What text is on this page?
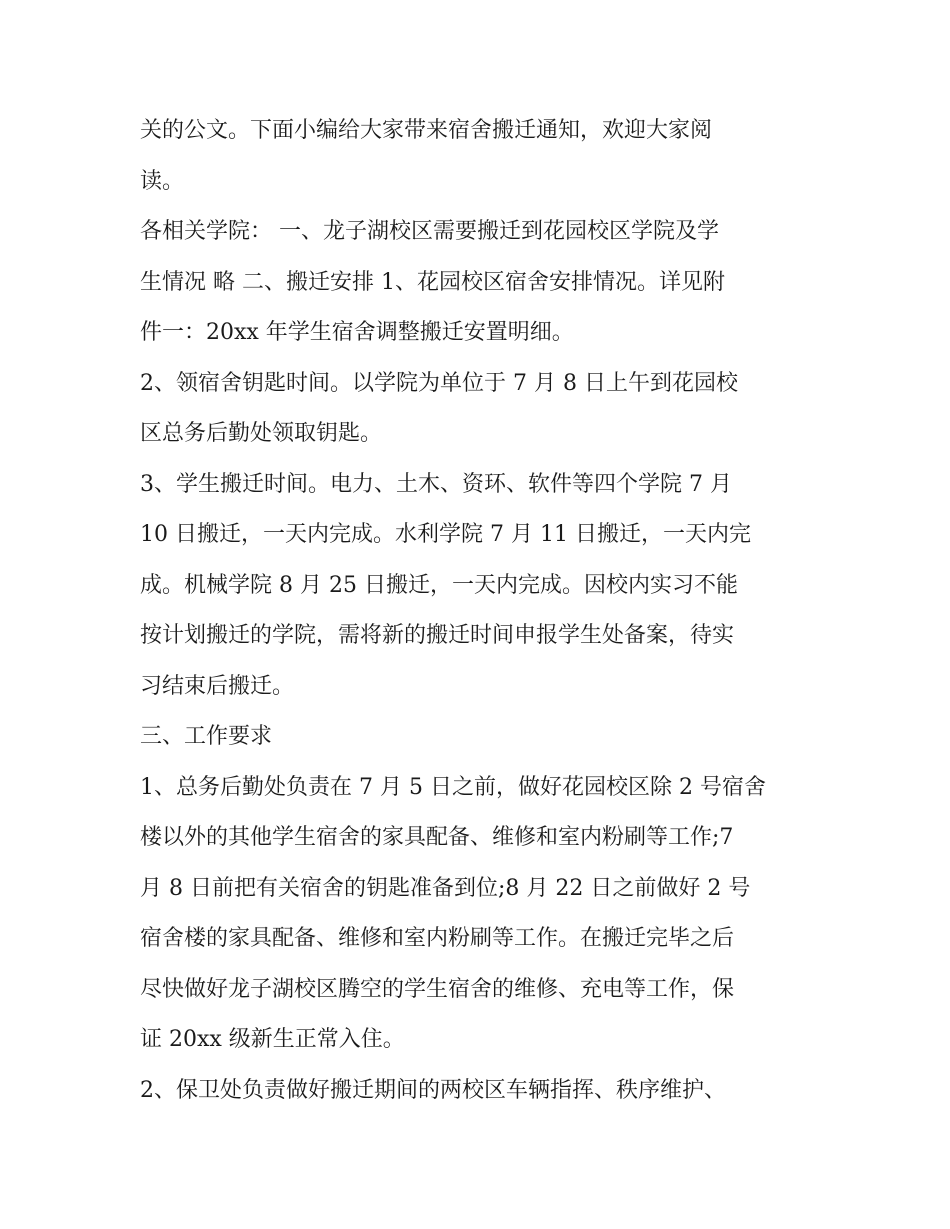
关的公文。下面小编给大家带来宿舍搬迁通知，欢迎大家阅
读。
各相关学院： 一、龙子湖校区需要搬迁到花园校区学院及学
生情况 略 二、搬迁安排 1、花园校区宿舍安排情况。详见附
件一：20xx 年学生宿舍调整搬迁安置明细。
2、领宿舍钥匙时间。以学院为单位于 7 月 8 日上午到花园校
区总务后勤处领取钥匙。
3、学生搬迁时间。电力、土木、资环、软件等四个学院 7 月
10 日搬迁，一天内完成。水利学院 7 月 11 日搬迁，一天内完
成。机械学院 8 月 25 日搬迁，一天内完成。因校内实习不能
按计划搬迁的学院，需将新的搬迁时间申报学生处备案，待实
习结束后搬迁。
三、工作要求
1、总务后勤处负责在 7 月 5 日之前，做好花园校区除 2 号宿舍
楼以外的其他学生宿舍的家具配备、维修和室内粉刷等工作;7
月 8 日前把有关宿舍的钥匙准备到位;8 月 22 日之前做好 2 号
宿舍楼的家具配备、维修和室内粉刷等工作。在搬迁完毕之后
尽快做好龙子湖校区腾空的学生宿舍的维修、充电等工作，保
证 20xx 级新生正常入住。
2、保卫处负责做好搬迁期间的两校区车辆指挥、秩序维护、
